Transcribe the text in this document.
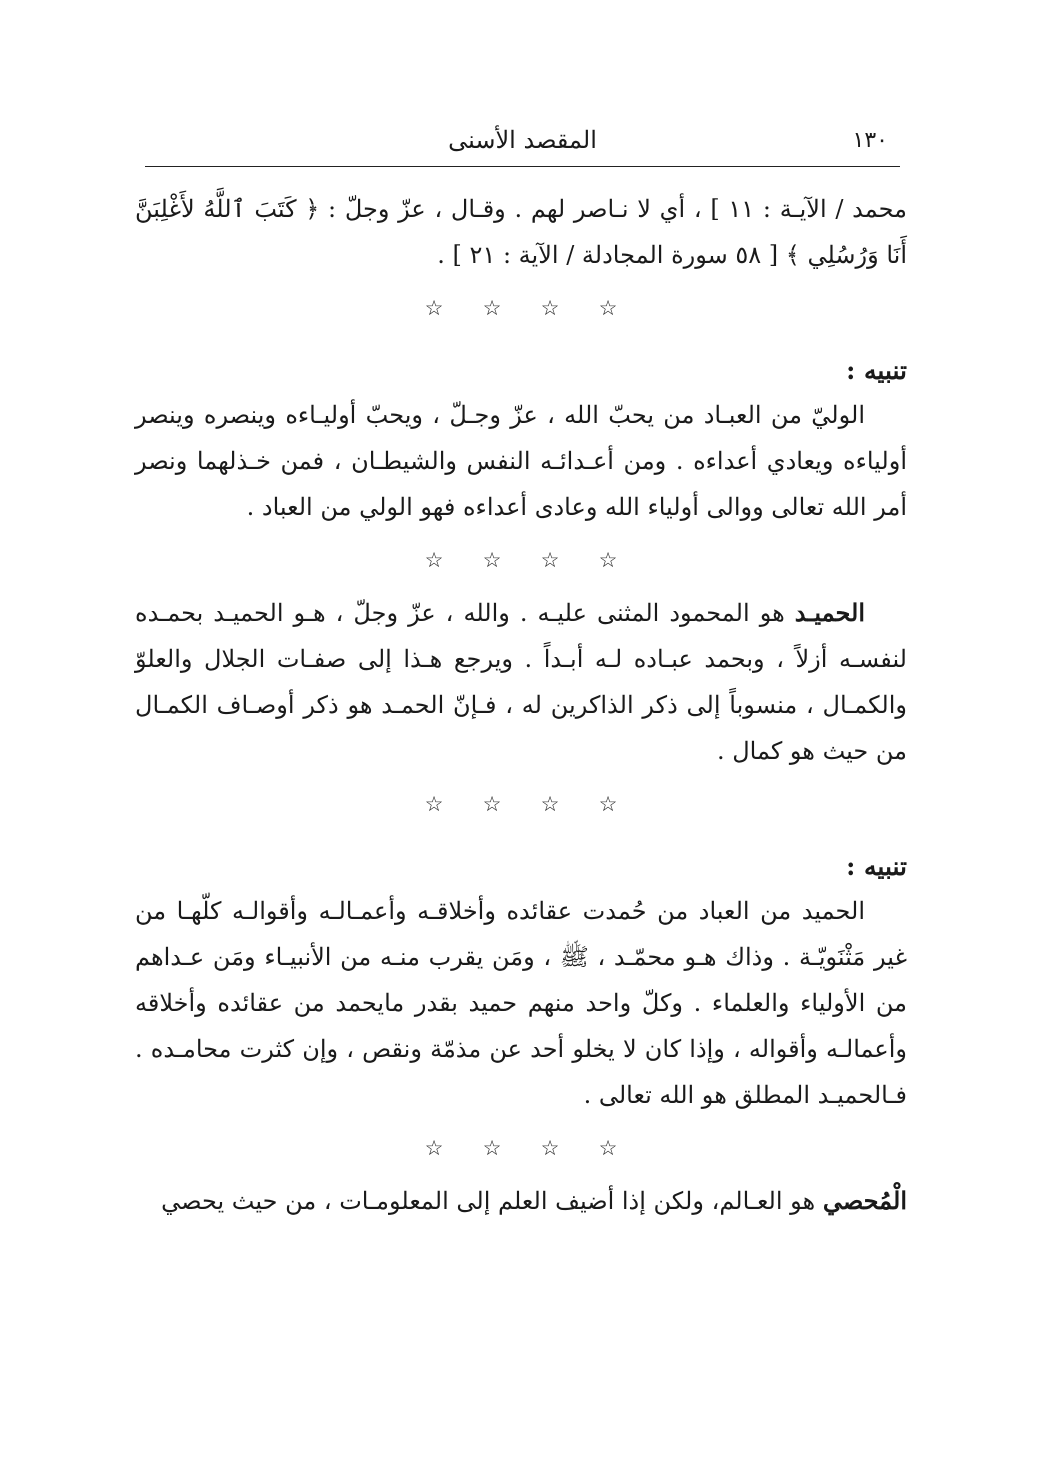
١٣٠
المقصد الأسنى

محمد / الآيـة : ١١ ] ، أي لا نـاصر لهم . وقـال ، عزّ وجلّ : ﴿ كَتَبَ ٱللَّهُ لأَغْلِبَنَّ أَنَا وَرُسُلِي ﴾ [ ٥٨ سورة المجادلة / الآية : ٢١ ] .

☆☆☆☆

تنبيه :

الوليّ من العبـاد من يحبّ الله ، عزّ وجـلّ ، ويحبّ أوليـاءه وينصره وينصر أولياءه ويعادي أعداءه . ومن أعـدائـه النفس والشيطـان ، فمن خـذلهما ونصر أمر الله تعالى ووالى أولياء الله وعادى أعداءه فهو الولي من العباد .

☆☆☆☆

الحميـد هو المحمود المثنى عليـه . والله ، عزّ وجلّ ، هـو الحميـد بحمـده لنفسـه أزلاً ، وبحمد عبـاده لـه أبـداً . ويرجع هـذا إلى صفـات الجلال والعلوّ والكمـال ، منسوباً إلى ذكر الذاكرين له ، فـإنّ الحمـد هو ذكر أوصـاف الكمـال من حيث هو كمال .

☆☆☆☆

تنبيه :

الحميد من العباد من حُمدت عقائده وأخلاقـه وأعمـالـه وأقوالـه كلّهـا من غير مَثْنَويّـة . وذاك هـو محمّـد ، ﷺ ، ومَن يقرب منـه من الأنبيـاء ومَن عـداهم من الأولياء والعلماء . وكلّ واحد منهم حميد بقدر مايحمد من عقائده وأخلاقه وأعمالـه وأقواله ، وإذا كان لا يخلو أحد عن مذمّة ونقص ، وإن كثرت محامـده . فـالحميـد المطلق هو الله تعالى .

☆☆☆☆

الْمُحصي هو العـالم، ولكن إذا أضيف العلم إلى المعلومـات ، من حيث يحصي
